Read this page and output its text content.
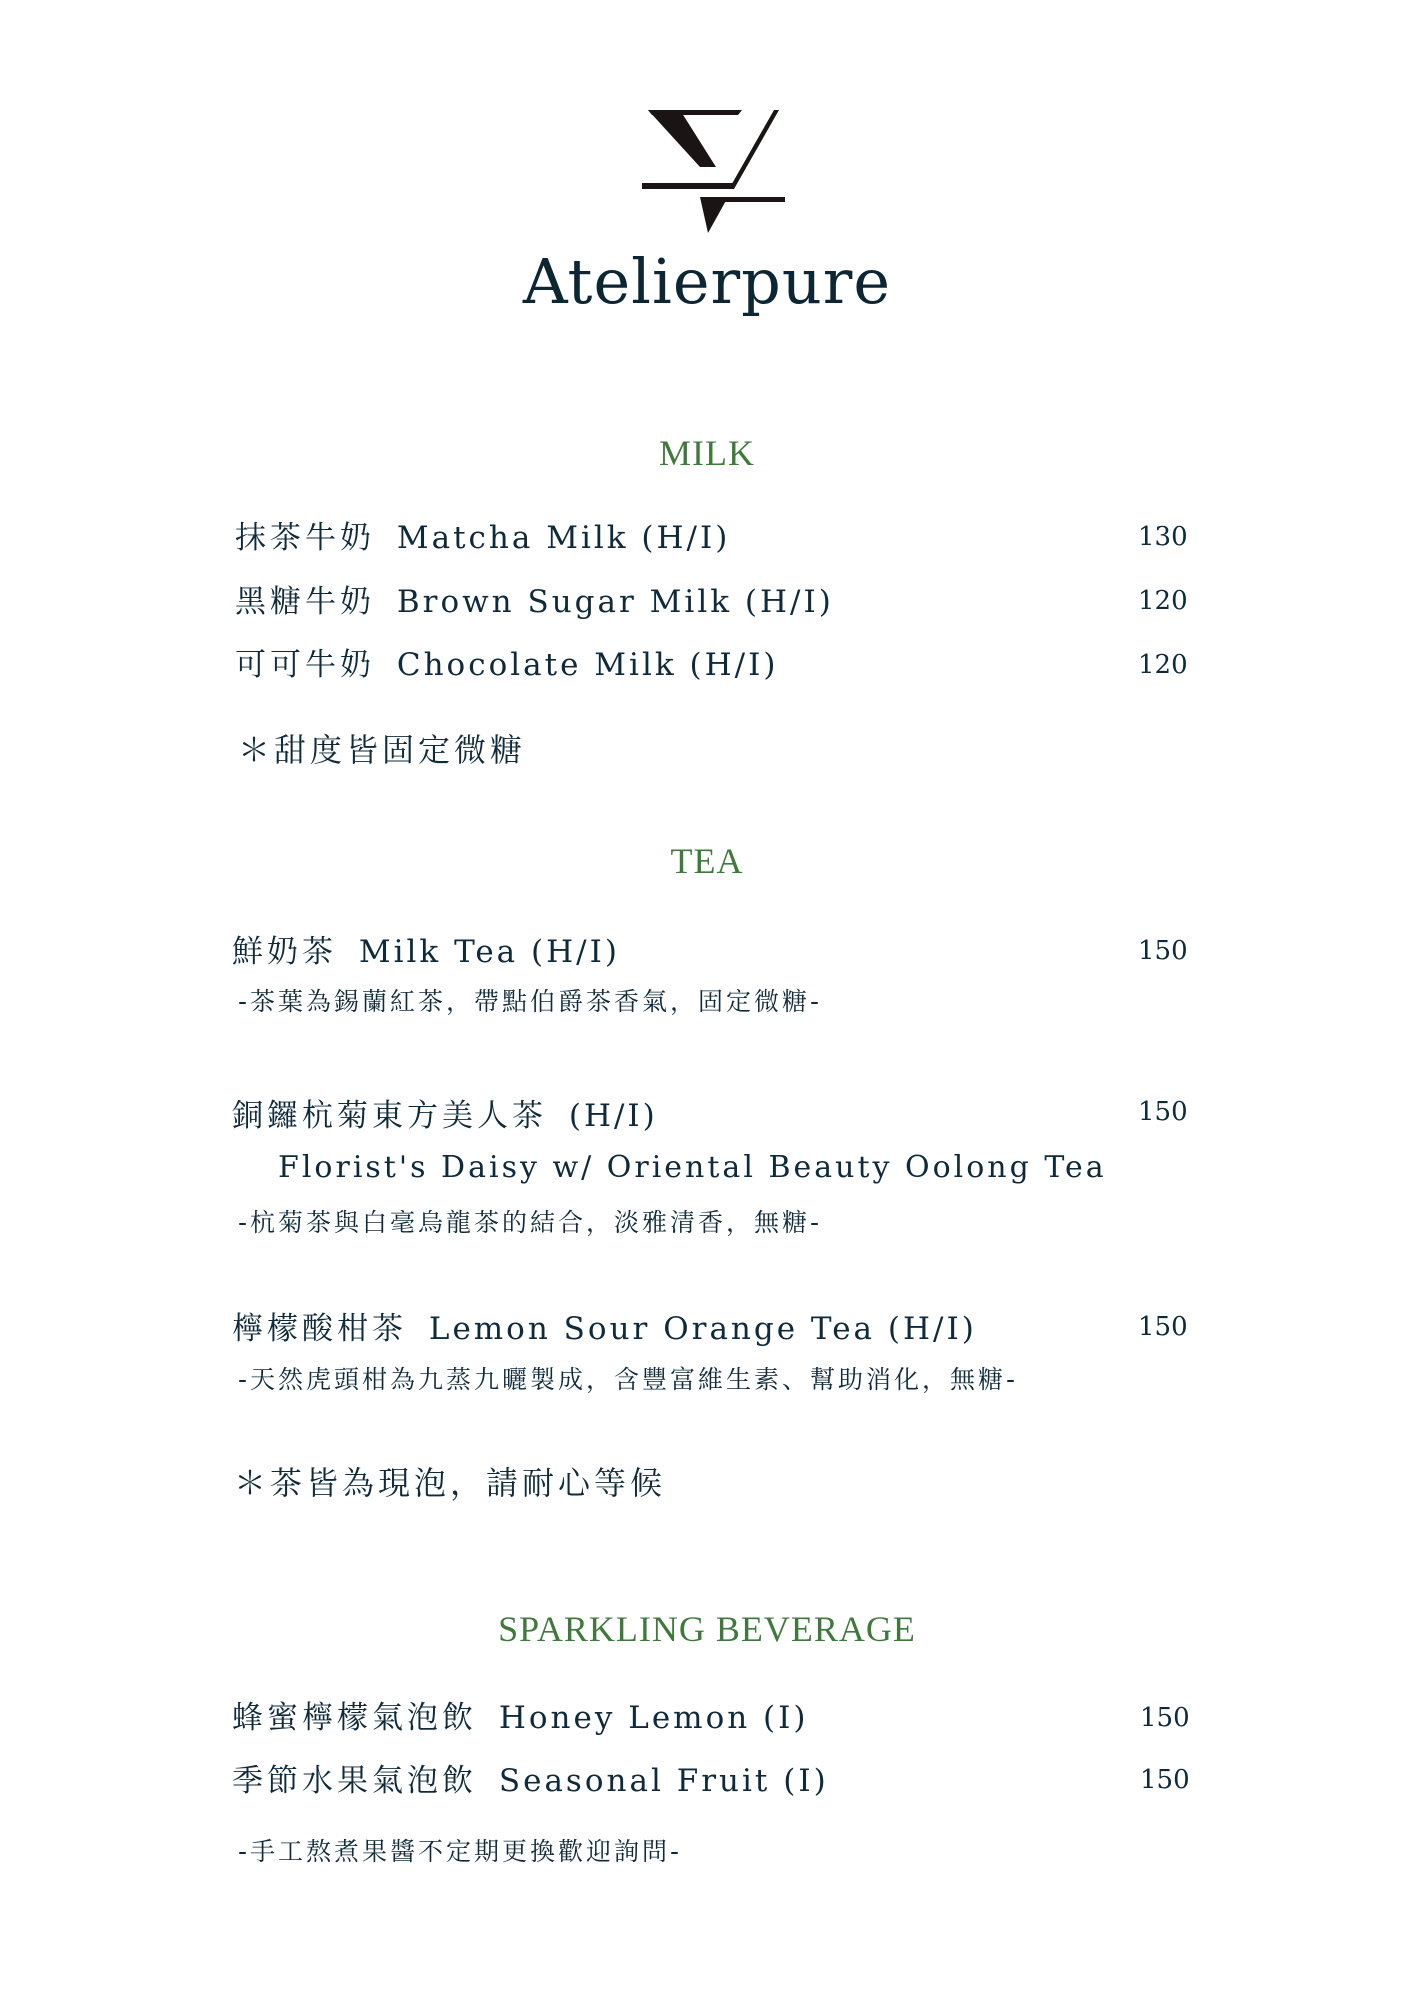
Atelierpure
MILK
抹茶牛奶 Matcha Milk (H/I)	130
黑糖牛奶 Brown Sugar Milk (H/I)	120
可可牛奶 Chocolate Milk (H/I)	120
＊甜度皆固定微糖
TEA
鮮奶茶 Milk Tea (H/I)	150
-茶葉為錫蘭紅茶，帶點伯爵茶香氣，固定微糖-
銅鑼杭菊東方美人茶 (H/I)	150
Florist's Daisy w/ Oriental Beauty Oolong Tea
-杭菊茶與白毫烏龍茶的結合，淡雅清香，無糖-
檸檬酸柑茶 Lemon Sour Orange Tea (H/I)	150
-天然虎頭柑為九蒸九曬製成，含豐富維生素、幫助消化，無糖-
＊茶皆為現泡，請耐心等候
SPARKLING BEVERAGE
蜂蜜檸檬氣泡飲 Honey Lemon (I)	150
季節水果氣泡飲 Seasonal Fruit (I)	150
-手工熬煮果醬不定期更換歡迎詢問-
